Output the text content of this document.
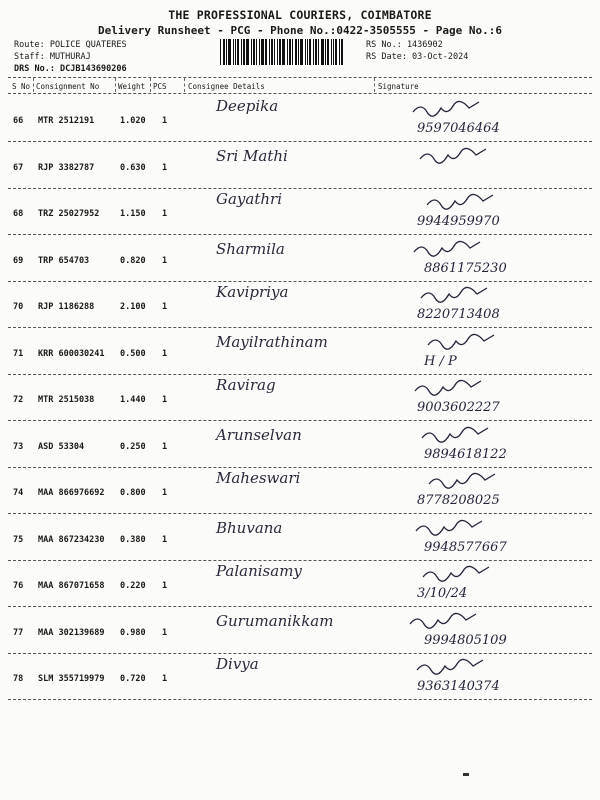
THE PROFESSIONAL COURIERS, COIMBATORE
Delivery Runsheet - PCG - Phone No.:0422-3505555 - Page No.:6
Route: POLICE QUATERES
Staff: MUTHURAJ
DRS No.: DCJB143690206
RS No.: 1436902
RS Date: 03-Oct-2024
S No Consignment No	Weight PCS	Consignee Details	Signature
66 MTR 2512191	1.020 1
Deepika
9597046464
67 RJP 3382787	0.630 1
Sri Mathi
68 TRZ 25027952 1.150 1
Gayathri
9944959970
69 TRP 654703	0.820 1
Sharmila
8861175230
70 RJP 1186288	2.100 1
Kavipriya
8220713408
71 KRR 600030241 0.500 1
Mayilrathinam
H / P
72 MTR 2515038	1.440 1
Ravirag
9003602227
73 ASD 53304	0.250 1
Arunselvan
9894618122
74 MAA 866976692 0.800 1
Maheswari
8778208025
75 MAA 867234230 0.380 1
Bhuvana
9948577667
76 MAA 867071658 0.220 1
Palanisamy
3/10/24
77 MAA 302139689 0.980 1
Gurumanikkam
9994805109
78 SLM 355719979 0.720 1
Divya
9363140374
